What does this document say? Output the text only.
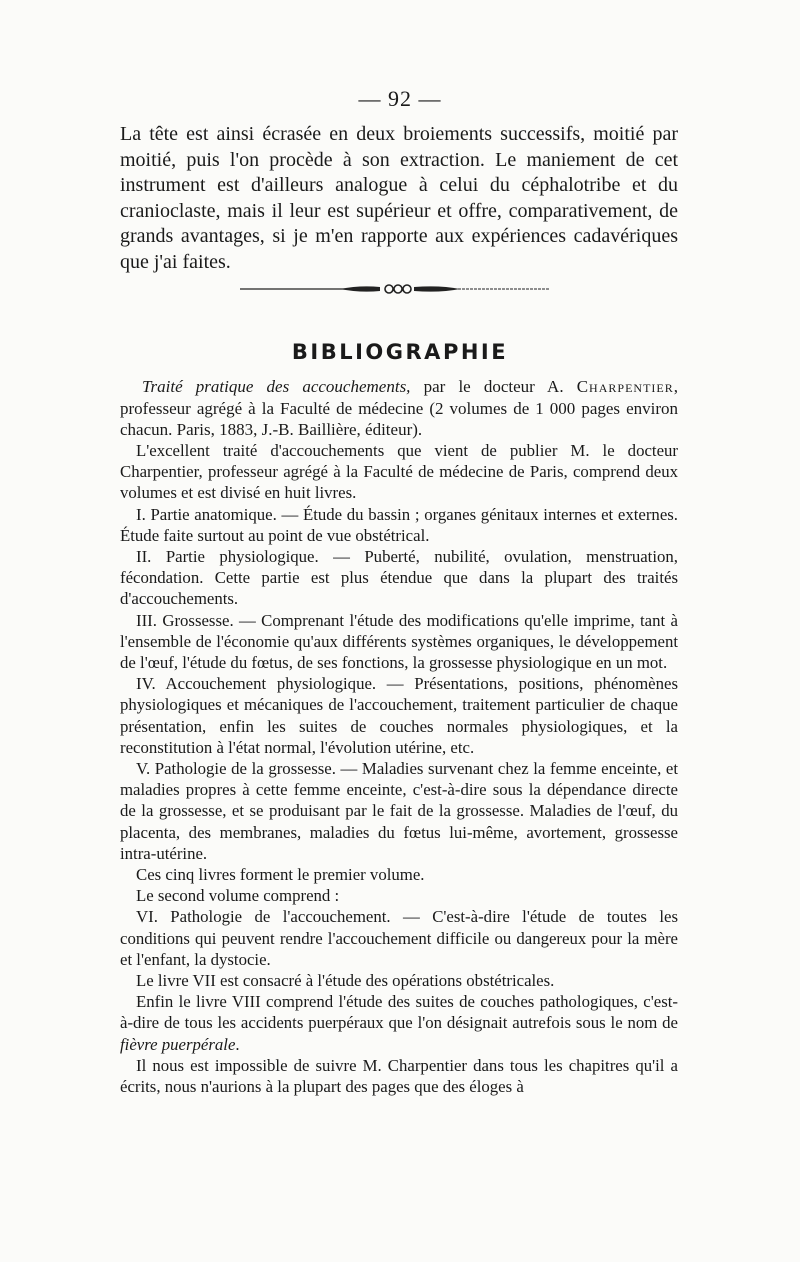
— 92 —
La tête est ainsi écrasée en deux broiements successifs, moitié par moitié, puis l'on procède à son extraction. Le maniement de cet instrument est d'ailleurs analogue à celui du céphalotribe et du cranioclaste, mais il leur est supérieur et offre, comparativement, de grands avantages, si je m'en rapporte aux expériences cadavériques que j'ai faites.
BIBLIOGRAPHIE
Traité pratique des accouchements, par le docteur A. Charpentier, professeur agrégé à la Faculté de médecine (2 volumes de 1 000 pages environ chacun. Paris, 1883, J.-B. Baillière, éditeur).

L'excellent traité d'accouchements que vient de publier M. le docteur Charpentier, professeur agrégé à la Faculté de médecine de Paris, comprend deux volumes et est divisé en huit livres.

I. Partie anatomique. — Étude du bassin ; organes génitaux internes et externes. Étude faite surtout au point de vue obstétrical.

II. Partie physiologique. — Puberté, nubilité, ovulation, menstruation, fécondation. Cette partie est plus étendue que dans la plupart des traités d'accouchements.

III. Grossesse. — Comprenant l'étude des modifications qu'elle imprime, tant à l'ensemble de l'économie qu'aux différents systèmes organiques, le développement de l'œuf, l'étude du fœtus, de ses fonctions, la grossesse physiologique en un mot.

IV. Accouchement physiologique. — Présentations, positions, phénomènes physiologiques et mécaniques de l'accouchement, traitement particulier de chaque présentation, enfin les suites de couches normales physiologiques, et la reconstitution à l'état normal, l'évolution utérine, etc.

V. Pathologie de la grossesse. — Maladies survenant chez la femme enceinte, et maladies propres à cette femme enceinte, c'est-à-dire sous la dépendance directe de la grossesse, et se produisant par le fait de la grossesse. Maladies de l'œuf, du placenta, des membranes, maladies du fœtus lui-même, avortement, grossesse intra-utérine.

Ces cinq livres forment le premier volume.

Le second volume comprend :

VI. Pathologie de l'accouchement. — C'est-à-dire l'étude de toutes les conditions qui peuvent rendre l'accouchement difficile ou dangereux pour la mère et l'enfant, la dystocie.

Le livre VII est consacré à l'étude des opérations obstétricales.

Enfin le livre VIII comprend l'étude des suites de couches pathologiques, c'est-à-dire de tous les accidents puerpéraux que l'on désignait autrefois sous le nom de fièvre puerpérale.

Il nous est impossible de suivre M. Charpentier dans tous les chapitres qu'il a écrits, nous n'aurions à la plupart des pages que des éloges à
